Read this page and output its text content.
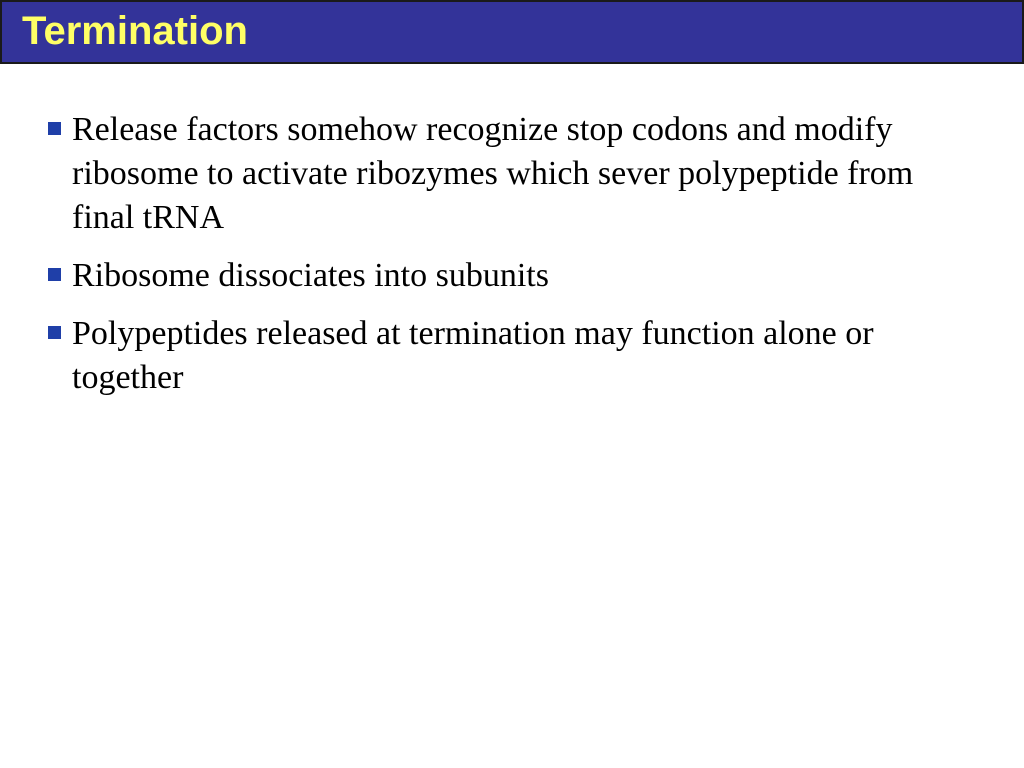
Termination
Release factors somehow recognize stop codons and modify ribosome to activate ribozymes which sever polypeptide from final tRNA
Ribosome dissociates into subunits
Polypeptides released at termination may function alone or together
